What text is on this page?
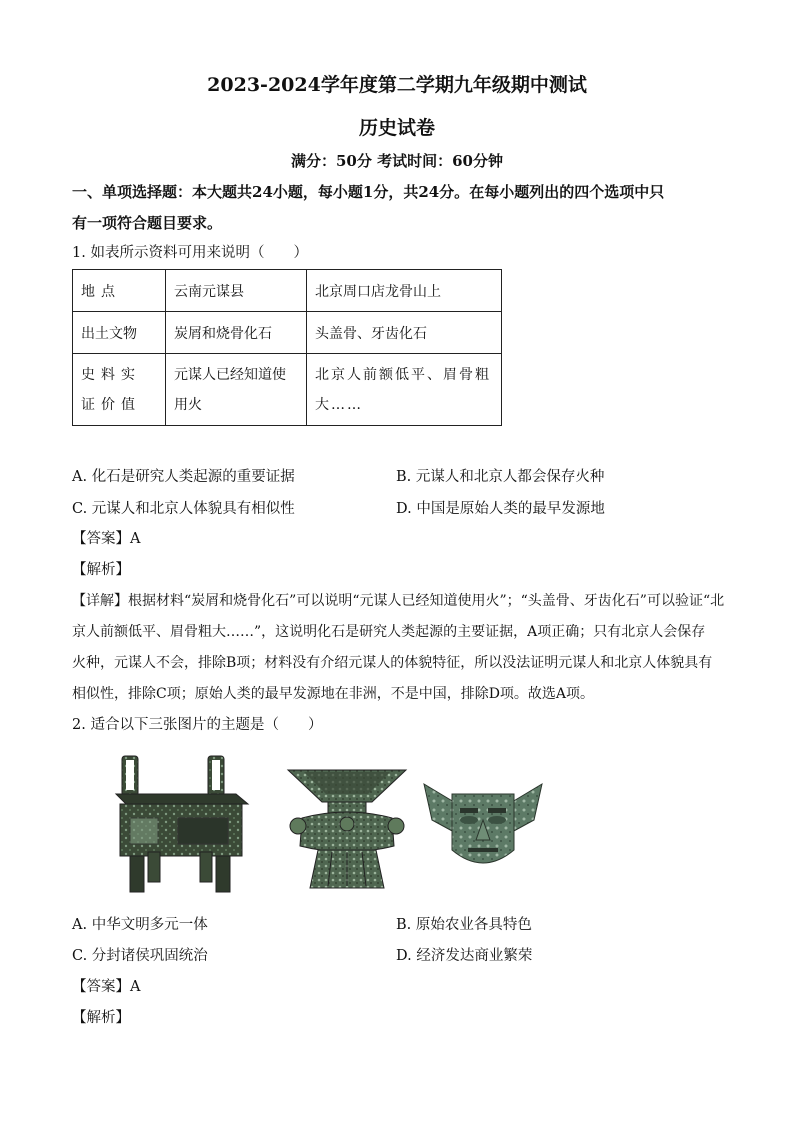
2023-2024学年度第二学期九年级期中测试
历史试卷
满分：50分 考试时间：60分钟
一、单项选择题：本大题共24小题，每小题1分，共24分。在每小题列出的四个选项中只
有一项符合题目要求。
1. 如表所示资料可用来说明（　　）
地点	云南元谋县	北京周口店龙骨山上
出土文物	炭屑和烧骨化石	头盖骨、牙齿化石
史料实证价值	元谋人已经知道使用火	北京人前额低平、眉骨粗大……
A. 化石是研究人类起源的重要证据	B. 元谋人和北京人都会保存火种
C. 元谋人和北京人体貌具有相似性	D. 中国是原始人类的最早发源地
【答案】A
【解析】
【详解】根据材料“炭屑和烧骨化石”可以说明“元谋人已经知道使用火”；“头盖骨、牙齿化石”可以验证“北
京人前额低平、眉骨粗大……”，这说明化石是研究人类起源的主要证据，A项正确；只有北京人会保存
火种，元谋人不会，排除B项；材料没有介绍元谋人的体貌特征，所以没法证明元谋人和北京人体貌具有
相似性，排除C项；原始人类的最早发源地在非洲，不是中国，排除D项。故选A项。
2. 适合以下三张图片的主题是（　　）
A. 中华文明多元一体	B. 原始农业各具特色
C. 分封诸侯巩固统治	D. 经济发达商业繁荣
【答案】A
【解析】
